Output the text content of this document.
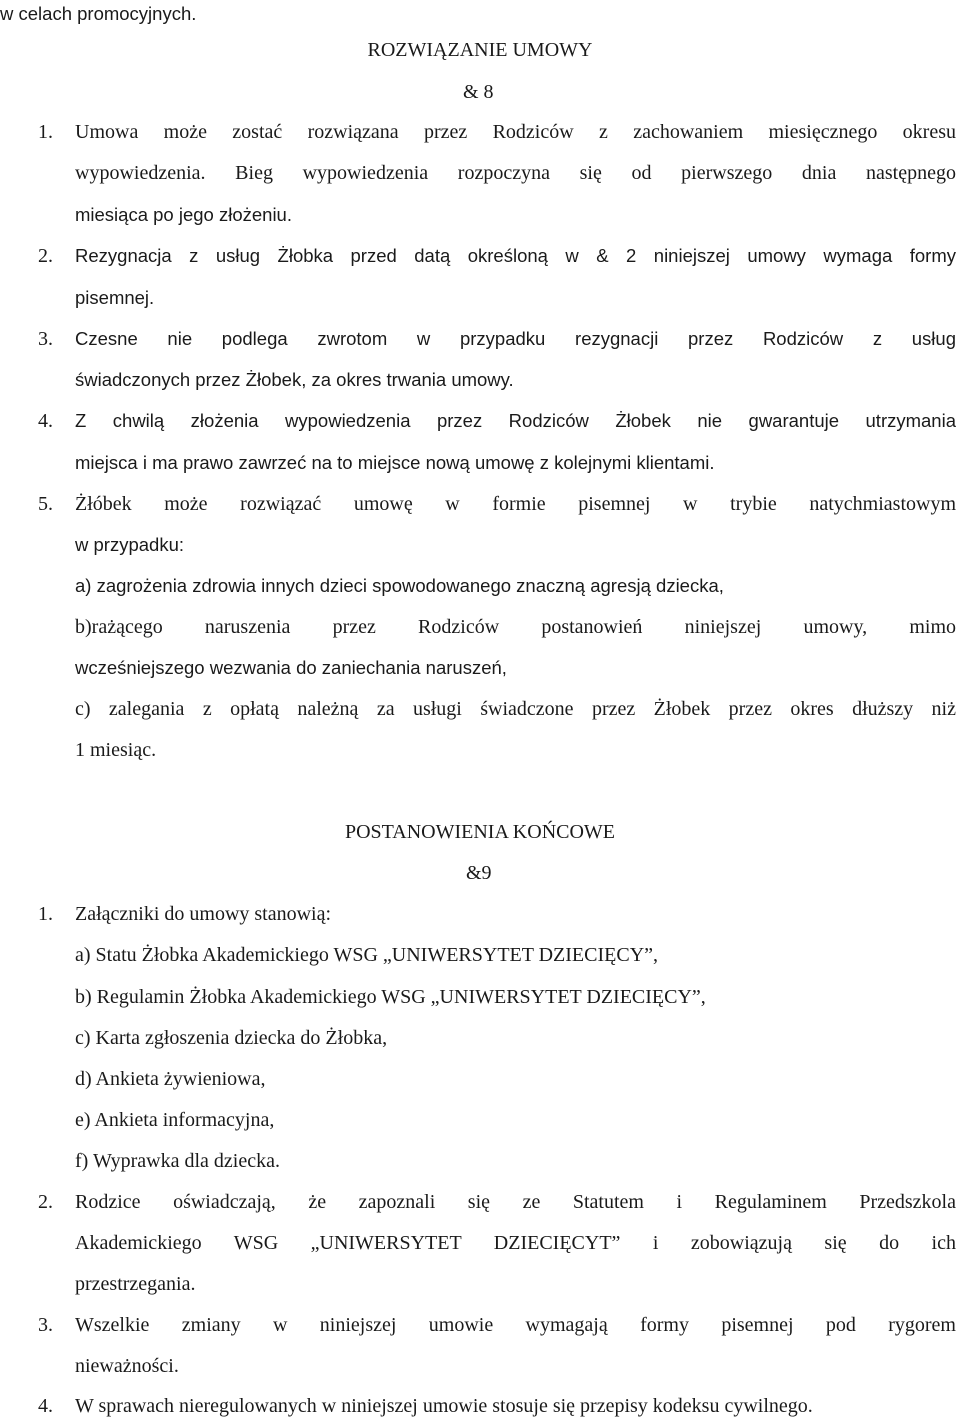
w celach promocyjnych.
ROZWIĄZANIE UMOWY
& 8
1. Umowa może zostać rozwiązana przez Rodziców z zachowaniem miesięcznego okresu
wypowiedzenia. Bieg wypowiedzenia rozpoczyna się od pierwszego dnia następnego
miesiąca po jego złożeniu.
2. Rezygnacja z usług Żłobka przed datą określoną w & 2 niniejszej umowy wymaga formy
pisemnej.
3. Czesne nie podlega zwrotom w przypadku rezygnacji przez Rodziców z usług
świadczonych przez Żłobek, za okres trwania umowy.
4. Z chwilą złożenia wypowiedzenia przez Rodziców Żłobek nie gwarantuje utrzymania
miejsca i ma prawo zawrzeć na to miejsce nową umowę z kolejnymi klientami.
5. Żłóbek może rozwiązać umowę w formie pisemnej w trybie natychmiastowym
w przypadku:
a) zagrożenia zdrowia innych dzieci spowodowanego znaczną agresją dziecka,
b)rażącego naruszenia przez Rodziców postanowień niniejszej umowy, mimo
wcześniejszego wezwania do zaniechania naruszeń,
c) zalegania z opłatą należną za usługi świadczone przez Żłobek przez okres dłuższy niż
1 miesiąc.
POSTANOWIENIA KOŃCOWE
&9
1. Załączniki do umowy stanowią:
a) Statu Żłobka Akademickiego WSG „UNIWERSYTET DZIECIĘCY”,
b) Regulamin Żłobka Akademickiego WSG „UNIWERSYTET DZIECIĘCY”,
c) Karta zgłoszenia dziecka do Żłobka,
d) Ankieta żywieniowa,
e) Ankieta informacyjna,
f) Wyprawka dla dziecka.
2. Rodzice oświadczają, że zapoznali się ze Statutem i Regulaminem Przedszkola
Akademickiego WSG „UNIWERSYTET DZIECIĘCYT” i zobowiązują się do ich
przestrzegania.
3. Wszelkie zmiany w niniejszej umowie wymagają formy pisemnej pod rygorem
nieważności.
4. W sprawach nieregulowanych w niniejszej umowie stosuje się przepisy kodeksu cywilnego.
